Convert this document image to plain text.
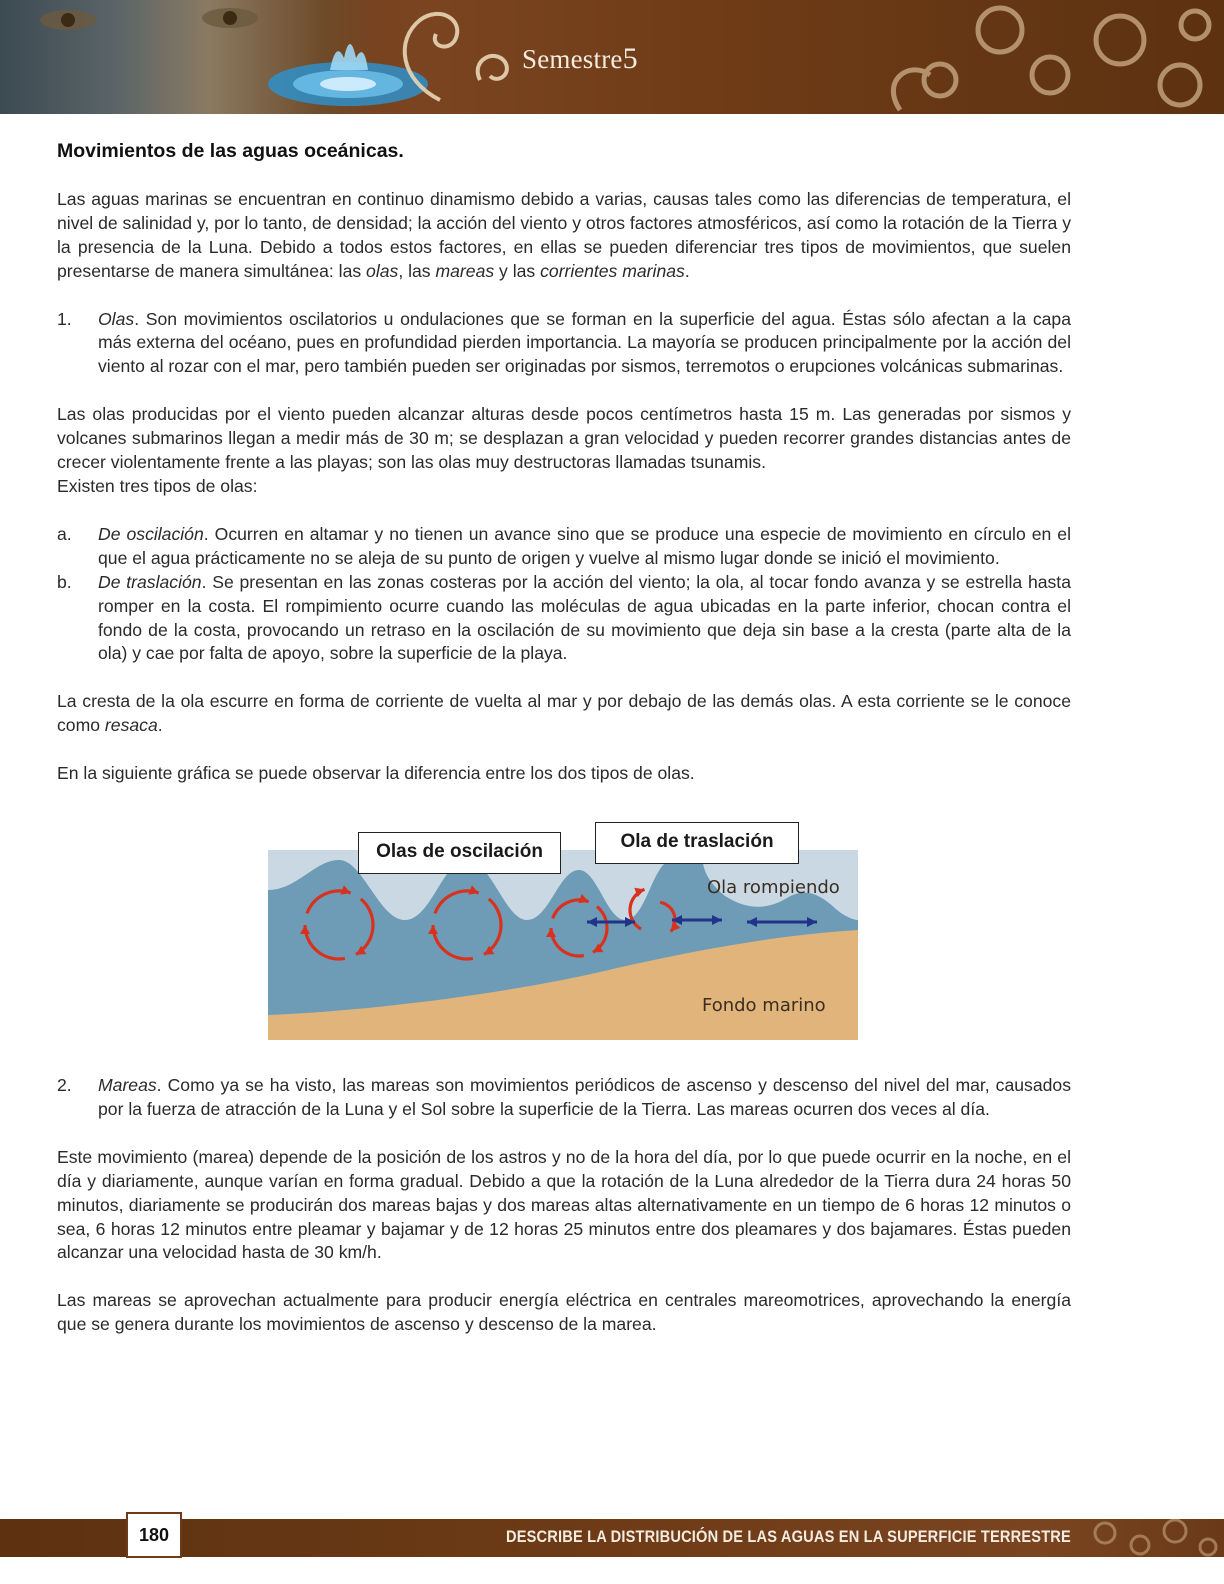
Semestre5
Movimientos de las aguas oceánicas.
Las aguas marinas se encuentran en continuo dinamismo debido a varias, causas tales como las diferencias de temperatura, el nivel de salinidad y, por lo tanto, de densidad; la acción del viento y otros factores atmosféricos, así como la rotación de la Tierra y la presencia de la Luna. Debido a todos estos factores, en ellas se pueden diferenciar tres tipos de movimientos, que suelen presentarse de manera simultánea: las olas, las mareas y las corrientes marinas.
1.	Olas. Son movimientos oscilatorios u ondulaciones que se forman en la superficie del agua. Éstas sólo afectan a la capa más externa del océano, pues en profundidad pierden importancia. La mayoría se producen principalmente por la acción del viento al rozar con el mar, pero también pueden ser originadas por sismos, terremotos o erupciones volcánicas submarinas.
Las olas producidas por el viento pueden alcanzar alturas desde pocos centímetros hasta 15 m. Las generadas por sismos y volcanes submarinos llegan a medir más de 30 m; se desplazan a gran velocidad y pueden recorrer grandes distancias antes de crecer violentamente frente a las playas; son las olas muy destructoras llamadas tsunamis.
Existen tres tipos de olas:
a.	De oscilación. Ocurren en altamar y no tienen un avance sino que se produce una especie de movimiento en círculo en el que el agua prácticamente no se aleja de su punto de origen y vuelve al mismo lugar donde se inició el movimiento.
b.	De traslación. Se presentan en las zonas costeras por la acción del viento; la ola, al tocar fondo avanza y se estrella hasta romper en la costa. El rompimiento ocurre cuando las moléculas de agua ubicadas en la parte inferior, chocan contra el fondo de la costa, provocando un retraso en la oscilación de su movimiento que deja sin base a la cresta (parte alta de la ola) y cae por falta de apoyo, sobre la superficie de la playa.
La cresta de la ola escurre en forma de corriente de vuelta al mar y por debajo de las demás olas. A esta corriente se le conoce como resaca.
En la siguiente gráfica se puede observar la diferencia entre los dos tipos de olas.
Olas de oscilación	Ola de traslación
Ola rompiendo
Fondo marino
2.	Mareas. Como ya se ha visto, las mareas son movimientos periódicos de ascenso y descenso del nivel del mar, causados por la fuerza de atracción de la Luna y el Sol sobre la superficie de la Tierra. Las mareas ocurren dos veces al día.
Este movimiento (marea) depende de la posición de los astros y no de la hora del día, por lo que puede ocurrir en la noche, en el día y diariamente, aunque varían en forma gradual. Debido a que la rotación de la Luna alrededor de la Tierra dura 24 horas 50 minutos, diariamente se producirán dos mareas bajas y dos mareas altas alternativamente en un tiempo de 6 horas 12 minutos o sea, 6 horas 12 minutos entre pleamar y bajamar y de 12 horas 25 minutos entre dos pleamares y dos bajamares. Éstas pueden alcanzar una velocidad hasta de 30 km/h.
Las mareas se aprovechan actualmente para producir energía eléctrica en centrales mareomotrices, aprovechando la energía que se genera durante los movimientos de ascenso y descenso de la marea.
180	DESCRIBE LA DISTRIBUCIÓN DE LAS AGUAS EN LA SUPERFICIE TERRESTRE
